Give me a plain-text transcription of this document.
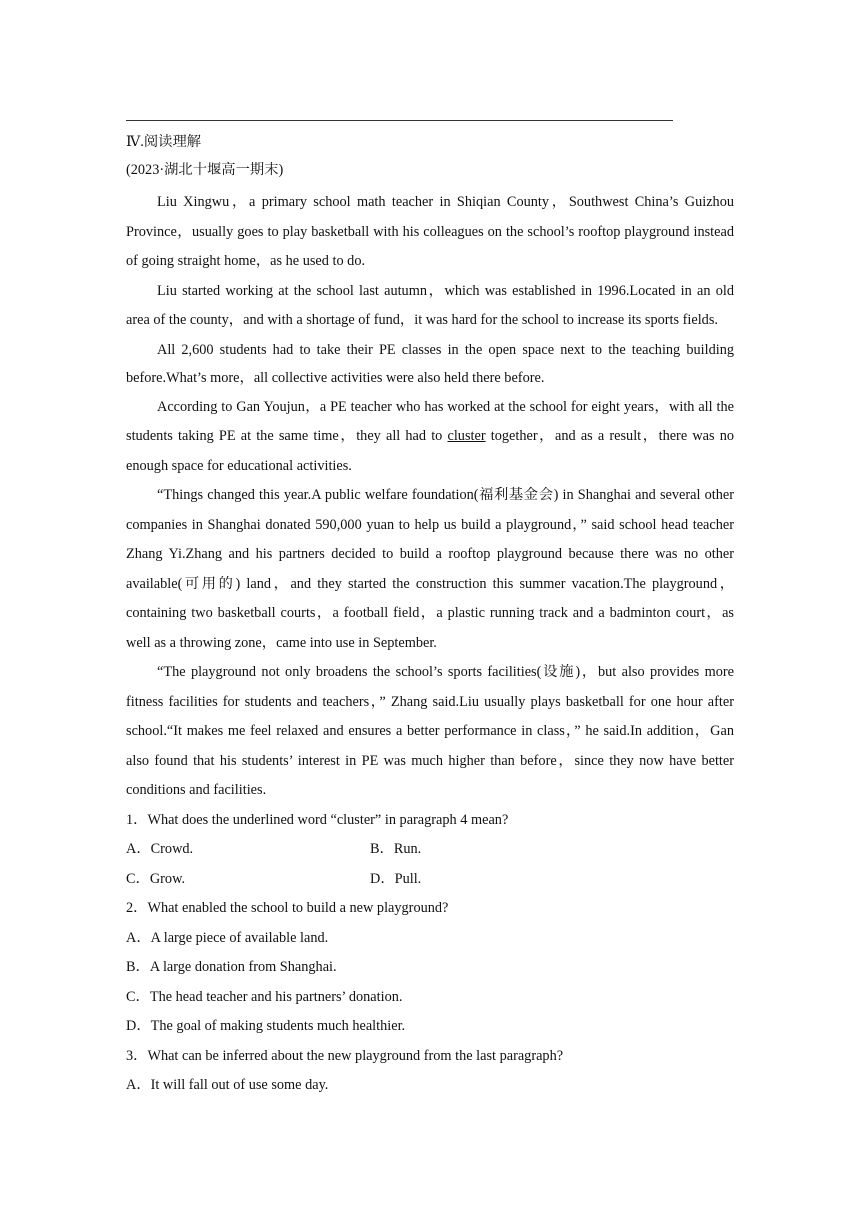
Ⅳ.阅读理解
(2023·湖北十堰高一期末)

Liu Xingwu，a primary school math teacher in Shiqian County，Southwest China’s Guizhou Province，usually goes to play basketball with his colleagues on the school’s rooftop playground instead of going straight home，as he used to do.

Liu started working at the school last autumn，which was established in 1996.Located in an old area of the county，and with a shortage of fund，it was hard for the school to increase its sports fields.

All 2,600 students had to take their PE classes in the open space next to the teaching building before.What’s more，all collective activities were also held there before.

According to Gan Youjun，a PE teacher who has worked at the school for eight years，with all the students taking PE at the same time，they all had to cluster together，and as a result，there was no enough space for educational activities.

“Things changed this year.A public welfare foundation(福利基金会) in Shanghai and several other companies in Shanghai donated 590,000 yuan to help us build a playground，” said school head teacher Zhang Yi.Zhang and his partners decided to build a rooftop playground because there was no other available(可用的) land，and they started the construction this summer vacation.The playground，containing two basketball courts，a football field，a plastic running track and a badminton court，as well as a throwing zone，came into use in September.

“The playground not only broadens the school’s sports facilities(设施)，but also provides more fitness facilities for students and teachers，” Zhang said.Liu usually plays basketball for one hour after school.“It makes me feel relaxed and ensures a better performance in class，” he said.In addition，Gan also found that his students’ interest in PE was much higher than before，since they now have better conditions and facilities.

1．What does the underlined word “cluster” in paragraph 4 mean?
A．Crowd.	B．Run.
C．Grow.	D．Pull.
2．What enabled the school to build a new playground?
A．A large piece of available land.
B．A large donation from Shanghai.
C．The head teacher and his partners’ donation.
D．The goal of making students much healthier.
3．What can be inferred about the new playground from the last paragraph?
A．It will fall out of use some day.
